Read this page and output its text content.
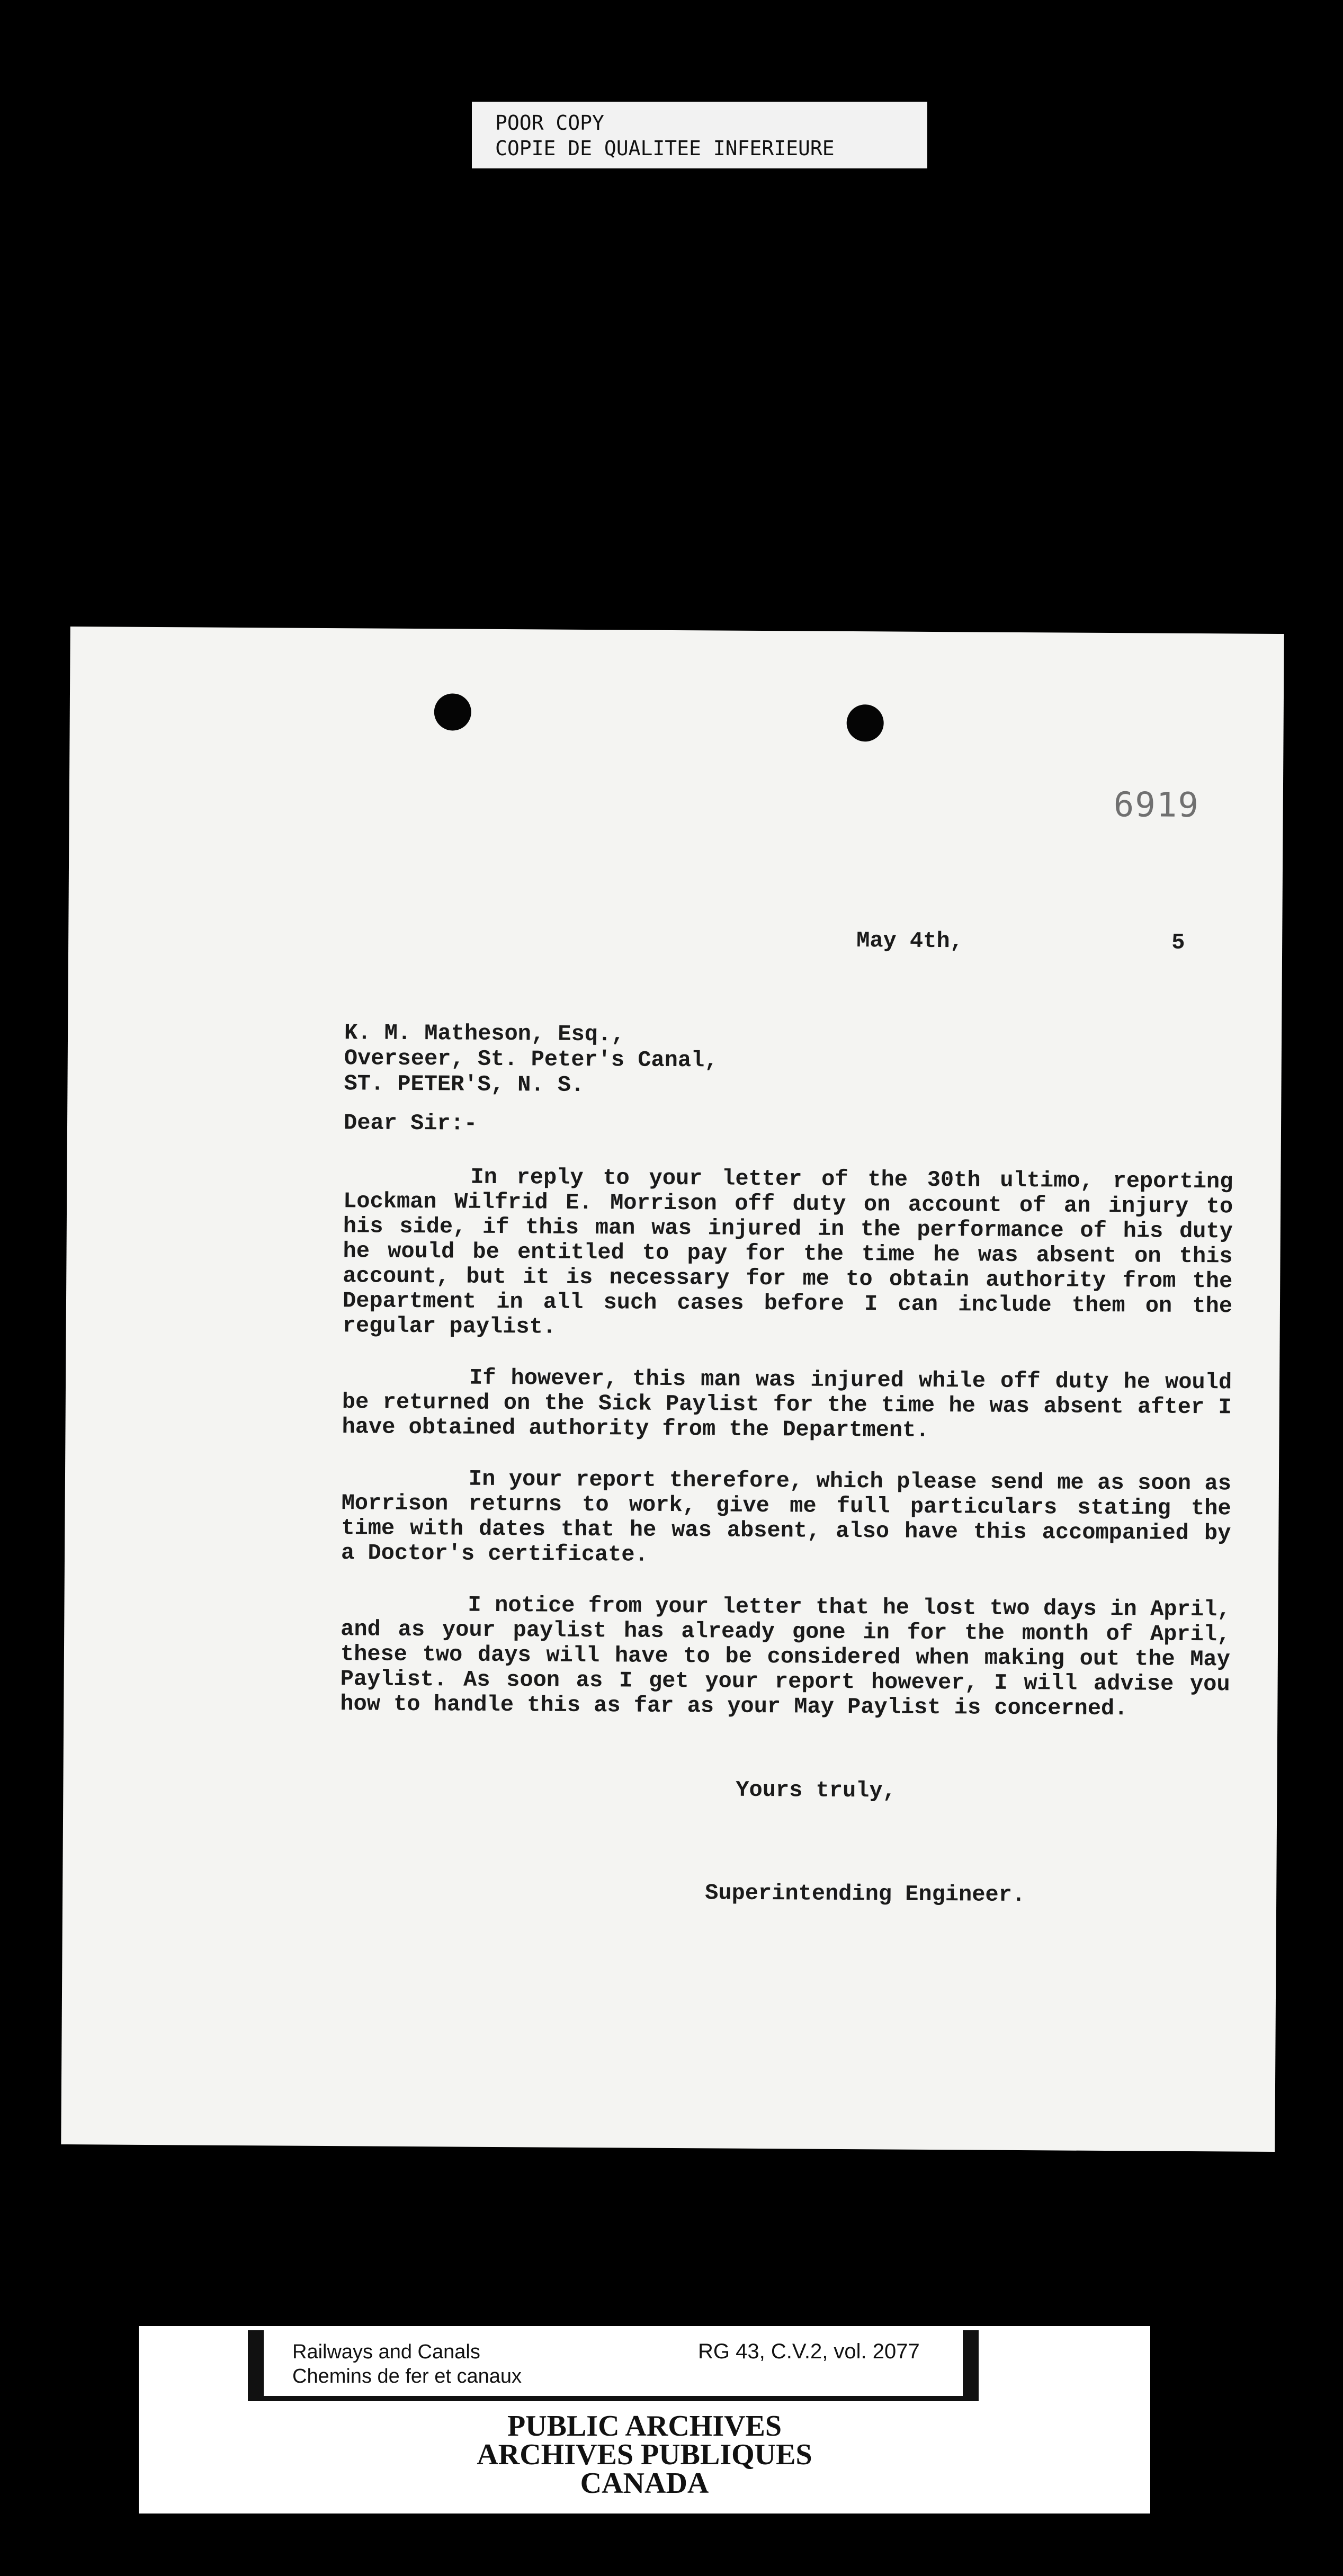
POOR COPY
COPIE DE QUALITEE INFERIEURE
6919
May 4th,	5
K. M. Matheson, Esq.,
Overseer, St. Peter's Canal,
ST. PETER'S, N. S.
Dear Sir:-

In reply to your letter of the 30th ultimo, reporting Lockman Wilfrid E. Morrison off duty on account of an injury to his side, if this man was injured in the performance of his duty he would be entitled to pay for the time he was absent on this account, but it is necessary for me to obtain authority from the Department in all such cases before I can include them on the regular paylist.

If however, this man was injured while off duty he would be returned on the Sick Paylist for the time he was absent after I have obtained authority from the Department.

In your report therefore, which please send me as soon as Morrison returns to work, give me full particulars stating the time with dates that he was absent, also have this accompanied by a Doctor's certificate.

I notice from your letter that he lost two days in April, and as your paylist has already gone in for the month of April, these two days will have to be considered when making out the May Paylist. As soon as I get your report however, I will advise you how to handle this as far as your May Paylist is concerned.

Yours truly,
Superintending Engineer.
Railways and Canals
Chemins de fer et canaux
RG 43, C.V.2, vol. 2077
PUBLIC ARCHIVES
ARCHIVES PUBLIQUES
CANADA
